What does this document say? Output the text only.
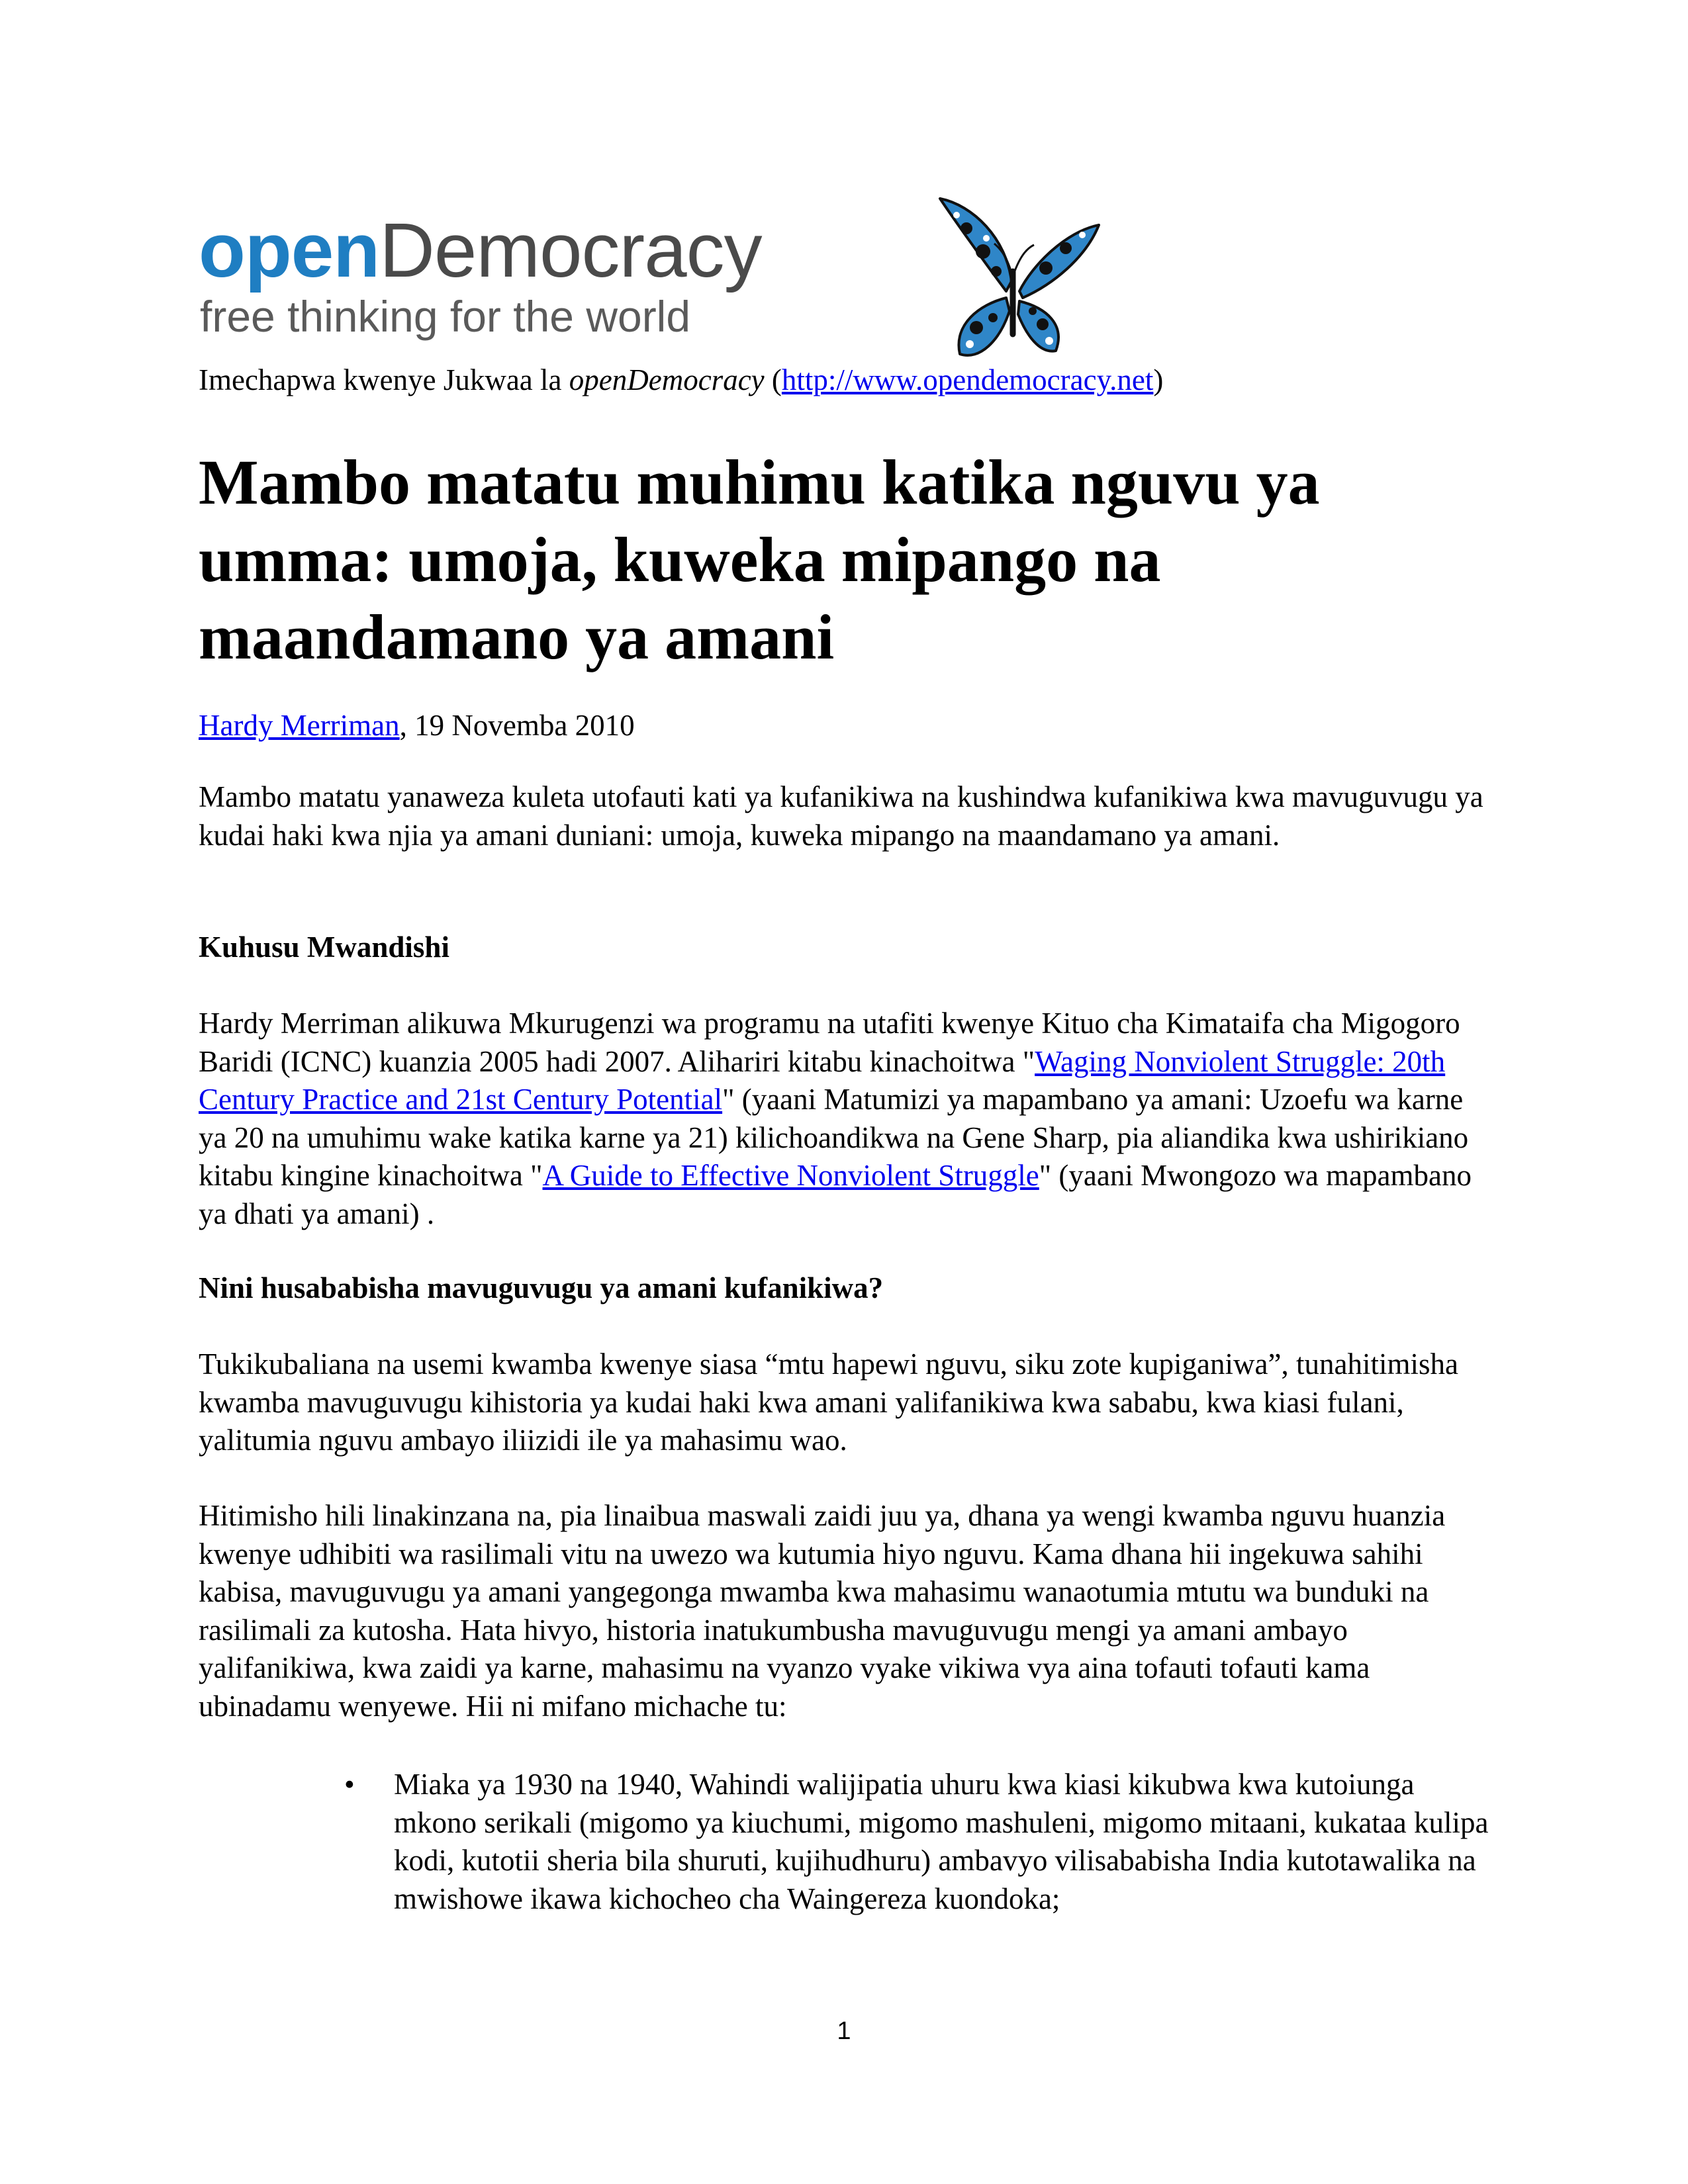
openDemocracy
free thinking for the world
Imechapwa kwenye Jukwaa la openDemocracy (http://www.opendemocracy.net)
Mambo matatu muhimu katika nguvu ya umma: umoja, kuweka mipango na maandamano ya amani
Hardy Merriman, 19 Novemba 2010

Mambo matatu yanaweza kuleta utofauti kati ya kufanikiwa na kushindwa kufanikiwa kwa mavuguvugu ya kudai haki kwa njia ya amani duniani: umoja, kuweka mipango na maandamano ya amani.

Kuhusu Mwandishi

Hardy Merriman alikuwa Mkurugenzi wa programu na utafiti kwenye Kituo cha Kimataifa cha Migogoro Baridi (ICNC) kuanzia 2005 hadi 2007. Alihariri kitabu kinachoitwa "Waging Nonviolent Struggle: 20th Century Practice and 21st Century Potential" (yaani Matumizi ya mapambano ya amani: Uzoefu wa karne ya 20 na umuhimu wake katika karne ya 21) kilichoandikwa na Gene Sharp, pia aliandika kwa ushirikiano kitabu kingine kinachoitwa "A Guide to Effective Nonviolent Struggle" (yaani Mwongozo wa mapambano ya dhati ya amani) .

Nini husababisha mavuguvugu ya amani kufanikiwa?

Tukikubaliana na usemi kwamba kwenye siasa “mtu hapewi nguvu, siku zote kupiganiwa”, tunahitimisha kwamba mavuguvugu kihistoria ya kudai haki kwa amani yalifanikiwa kwa sababu, kwa kiasi fulani, yalitumia nguvu ambayo iliizidi ile ya mahasimu wao.

Hitimisho hili linakinzana na, pia linaibua maswali zaidi juu ya, dhana ya wengi kwamba nguvu huanzia kwenye udhibiti wa rasilimali vitu na uwezo wa kutumia hiyo nguvu. Kama dhana hii ingekuwa sahihi kabisa, mavuguvugu ya amani yangegonga mwamba kwa mahasimu wanaotumia mtutu wa bunduki na rasilimali za kutosha. Hata hivyo, historia inatukumbusha mavuguvugu mengi ya amani ambayo yalifanikiwa, kwa zaidi ya karne, mahasimu na vyanzo vyake vikiwa vya aina tofauti tofauti kama ubinadamu wenyewe. Hii ni mifano michache tu:

• Miaka ya 1930 na 1940, Wahindi walijipatia uhuru kwa kiasi kikubwa kwa kutoiunga mkono serikali (migomo ya kiuchumi, migomo mashuleni, migomo mitaani, kukataa kulipa kodi, kutotii sheria bila shuruti, kujihudhuru) ambavyo vilisababisha India kutotawalika na mwishowe ikawa kichocheo cha Waingereza kuondoka;
1
